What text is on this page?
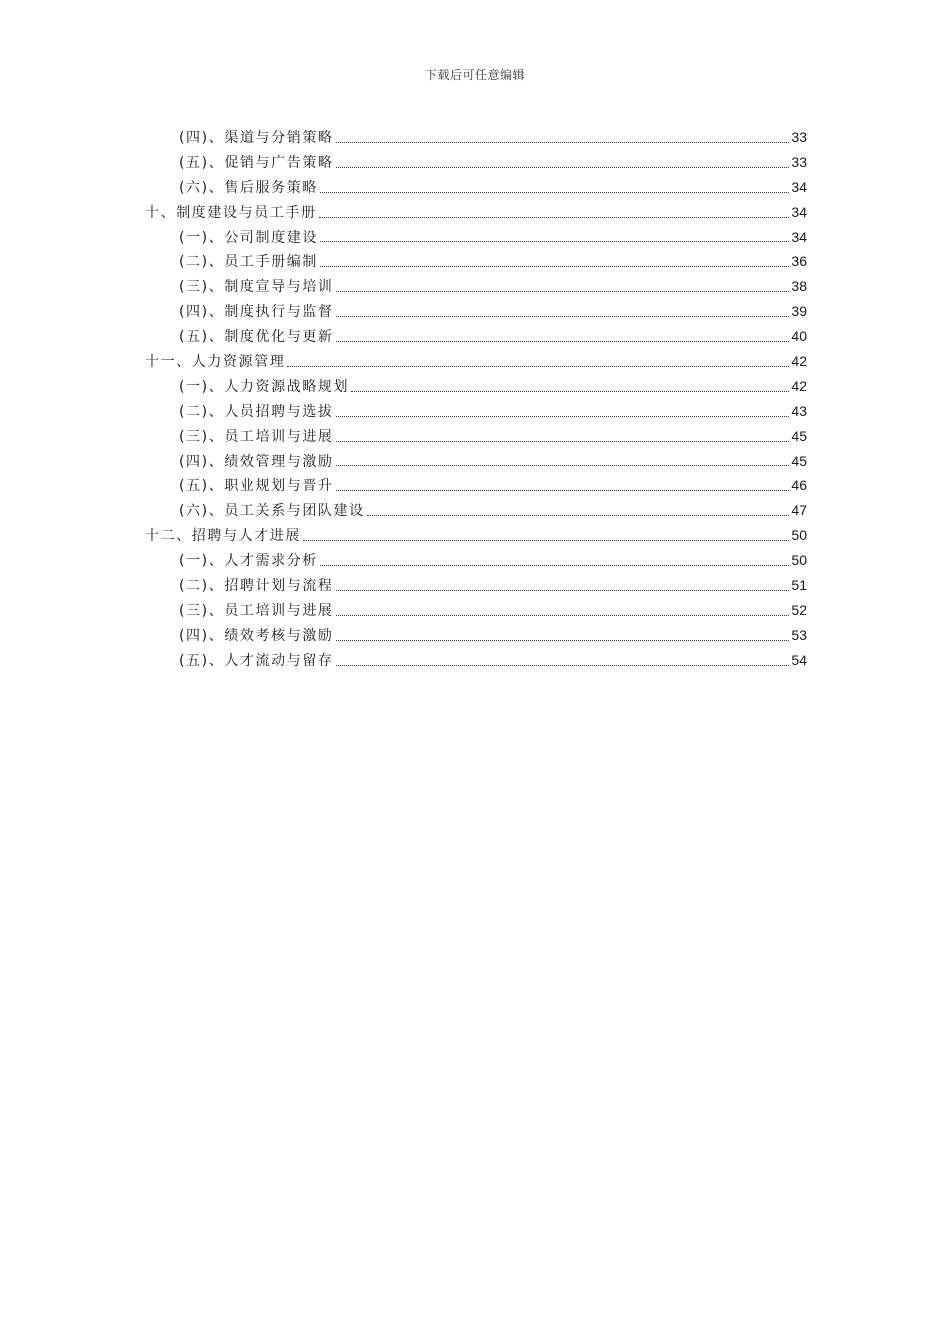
下载后可任意编辑
(四)、渠道与分销策略	33
(五)、促销与广告策略	33
(六)、售后服务策略	34
十、制度建设与员工手册	34
(一)、公司制度建设	34
(二)、员工手册编制	36
(三)、制度宣导与培训	38
(四)、制度执行与监督	39
(五)、制度优化与更新	40
十一、人力资源管理	42
(一)、人力资源战略规划	42
(二)、人员招聘与选拔	43
(三)、员工培训与进展	45
(四)、绩效管理与激励	45
(五)、职业规划与晋升	46
(六)、员工关系与团队建设	47
十二、招聘与人才进展	50
(一)、人才需求分析	50
(二)、招聘计划与流程	51
(三)、员工培训与进展	52
(四)、绩效考核与激励	53
(五)、人才流动与留存	54
